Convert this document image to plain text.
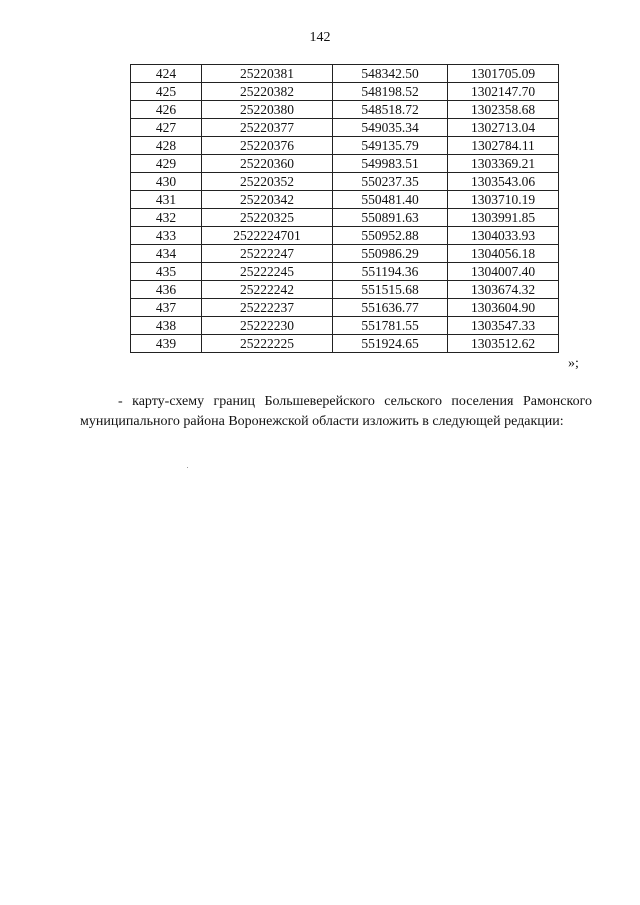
142
424	25220381	548342.50	1301705.09
425	25220382	548198.52	1302147.70
426	25220380	548518.72	1302358.68
427	25220377	549035.34	1302713.04
428	25220376	549135.79	1302784.11
429	25220360	549983.51	1303369.21
430	25220352	550237.35	1303543.06
431	25220342	550481.40	1303710.19
432	25220325	550891.63	1303991.85
433	2522224701	550952.88	1304033.93
434	25222247	550986.29	1304056.18
435	25222245	551194.36	1304007.40
436	25222242	551515.68	1303674.32
437	25222237	551636.77	1303604.90
438	25222230	551781.55	1303547.33
439	25222225	551924.65	1303512.62
»;
- карту-схему границ Большеверейского сельского поселения Рамонского муниципального района Воронежской области изложить в следующей редакции:
